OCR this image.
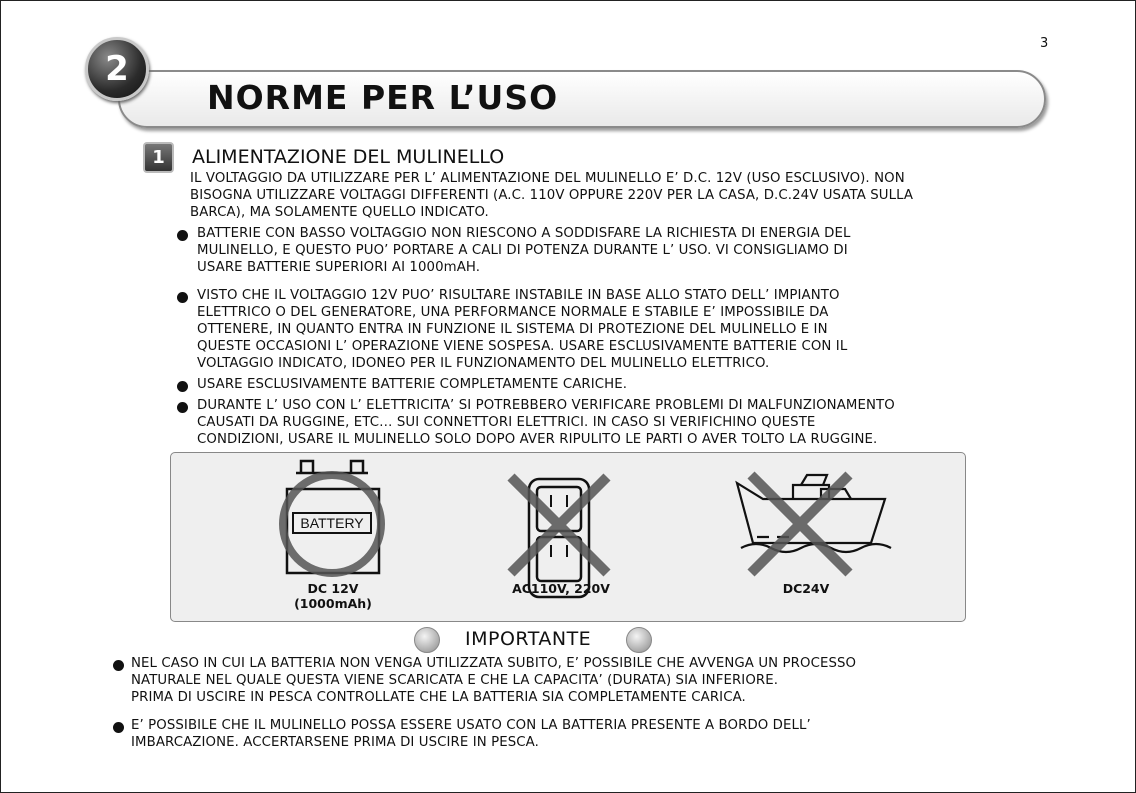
3
2
NORME PER L’USO
1 ALIMENTAZIONE DEL MULINELLO
IL VOLTAGGIO DA UTILIZZARE PER L’ ALIMENTAZIONE DEL MULINELLO E’ D.C. 12V (USO ESCLUSIVO). NON
BISOGNA UTILIZZARE VOLTAGGI DIFFERENTI (A.C. 110V OPPURE 220V PER LA CASA, D.C.24V USATA SULLA
BARCA), MA SOLAMENTE QUELLO INDICATO.
BATTERIE CON BASSO VOLTAGGIO NON RIESCONO A SODDISFARE LA RICHIESTA DI ENERGIA DEL
MULINELLO, E QUESTO PUO’ PORTARE A CALI DI POTENZA DURANTE L’ USO. VI CONSIGLIAMO DI
USARE BATTERIE SUPERIORI AI 1000mAH.
VISTO CHE IL VOLTAGGIO 12V PUO’ RISULTARE INSTABILE IN BASE ALLO STATO DELL’ IMPIANTO
ELETTRICO O DEL GENERATORE, UNA PERFORMANCE NORMALE E STABILE E’ IMPOSSIBILE DA
OTTENERE, IN QUANTO ENTRA IN FUNZIONE IL SISTEMA DI PROTEZIONE DEL MULINELLO E IN
QUESTE OCCASIONI L’ OPERAZIONE VIENE SOSPESA. USARE ESCLUSIVAMENTE BATTERIE CON IL
VOLTAGGIO INDICATO, IDONEO PER IL FUNZIONAMENTO DEL MULINELLO ELETTRICO.
USARE ESCLUSIVAMENTE BATTERIE COMPLETAMENTE CARICHE.
DURANTE L’ USO CON L’ ELETTRICITA’ SI POTREBBERO VERIFICARE PROBLEMI DI MALFUNZIONAMENTO
CAUSATI DA RUGGINE, ETC… SUI CONNETTORI ELETTRICI. IN CASO SI VERIFICHINO QUESTE
CONDIZIONI, USARE IL MULINELLO SOLO DOPO AVER RIPULITO LE PARTI O AVER TOLTO LA RUGGINE.
BATTERY
DC 12V
(1000mAh)
AC110V, 220V	DC24V
IMPORTANTE
NEL CASO IN CUI LA BATTERIA NON VENGA UTILIZZATA SUBITO, E’ POSSIBILE CHE AVVENGA UN PROCESSO
NATURALE NEL QUALE QUESTA VIENE SCARICATA E CHE LA CAPACITA’ (DURATA) SIA INFERIORE.
PRIMA DI USCIRE IN PESCA CONTROLLATE CHE LA BATTERIA SIA COMPLETAMENTE CARICA.
E’ POSSIBILE CHE IL MULINELLO POSSA ESSERE USATO CON LA BATTERIA PRESENTE A BORDO DELL’
IMBARCAZIONE. ACCERTARSENE PRIMA DI USCIRE IN PESCA.
